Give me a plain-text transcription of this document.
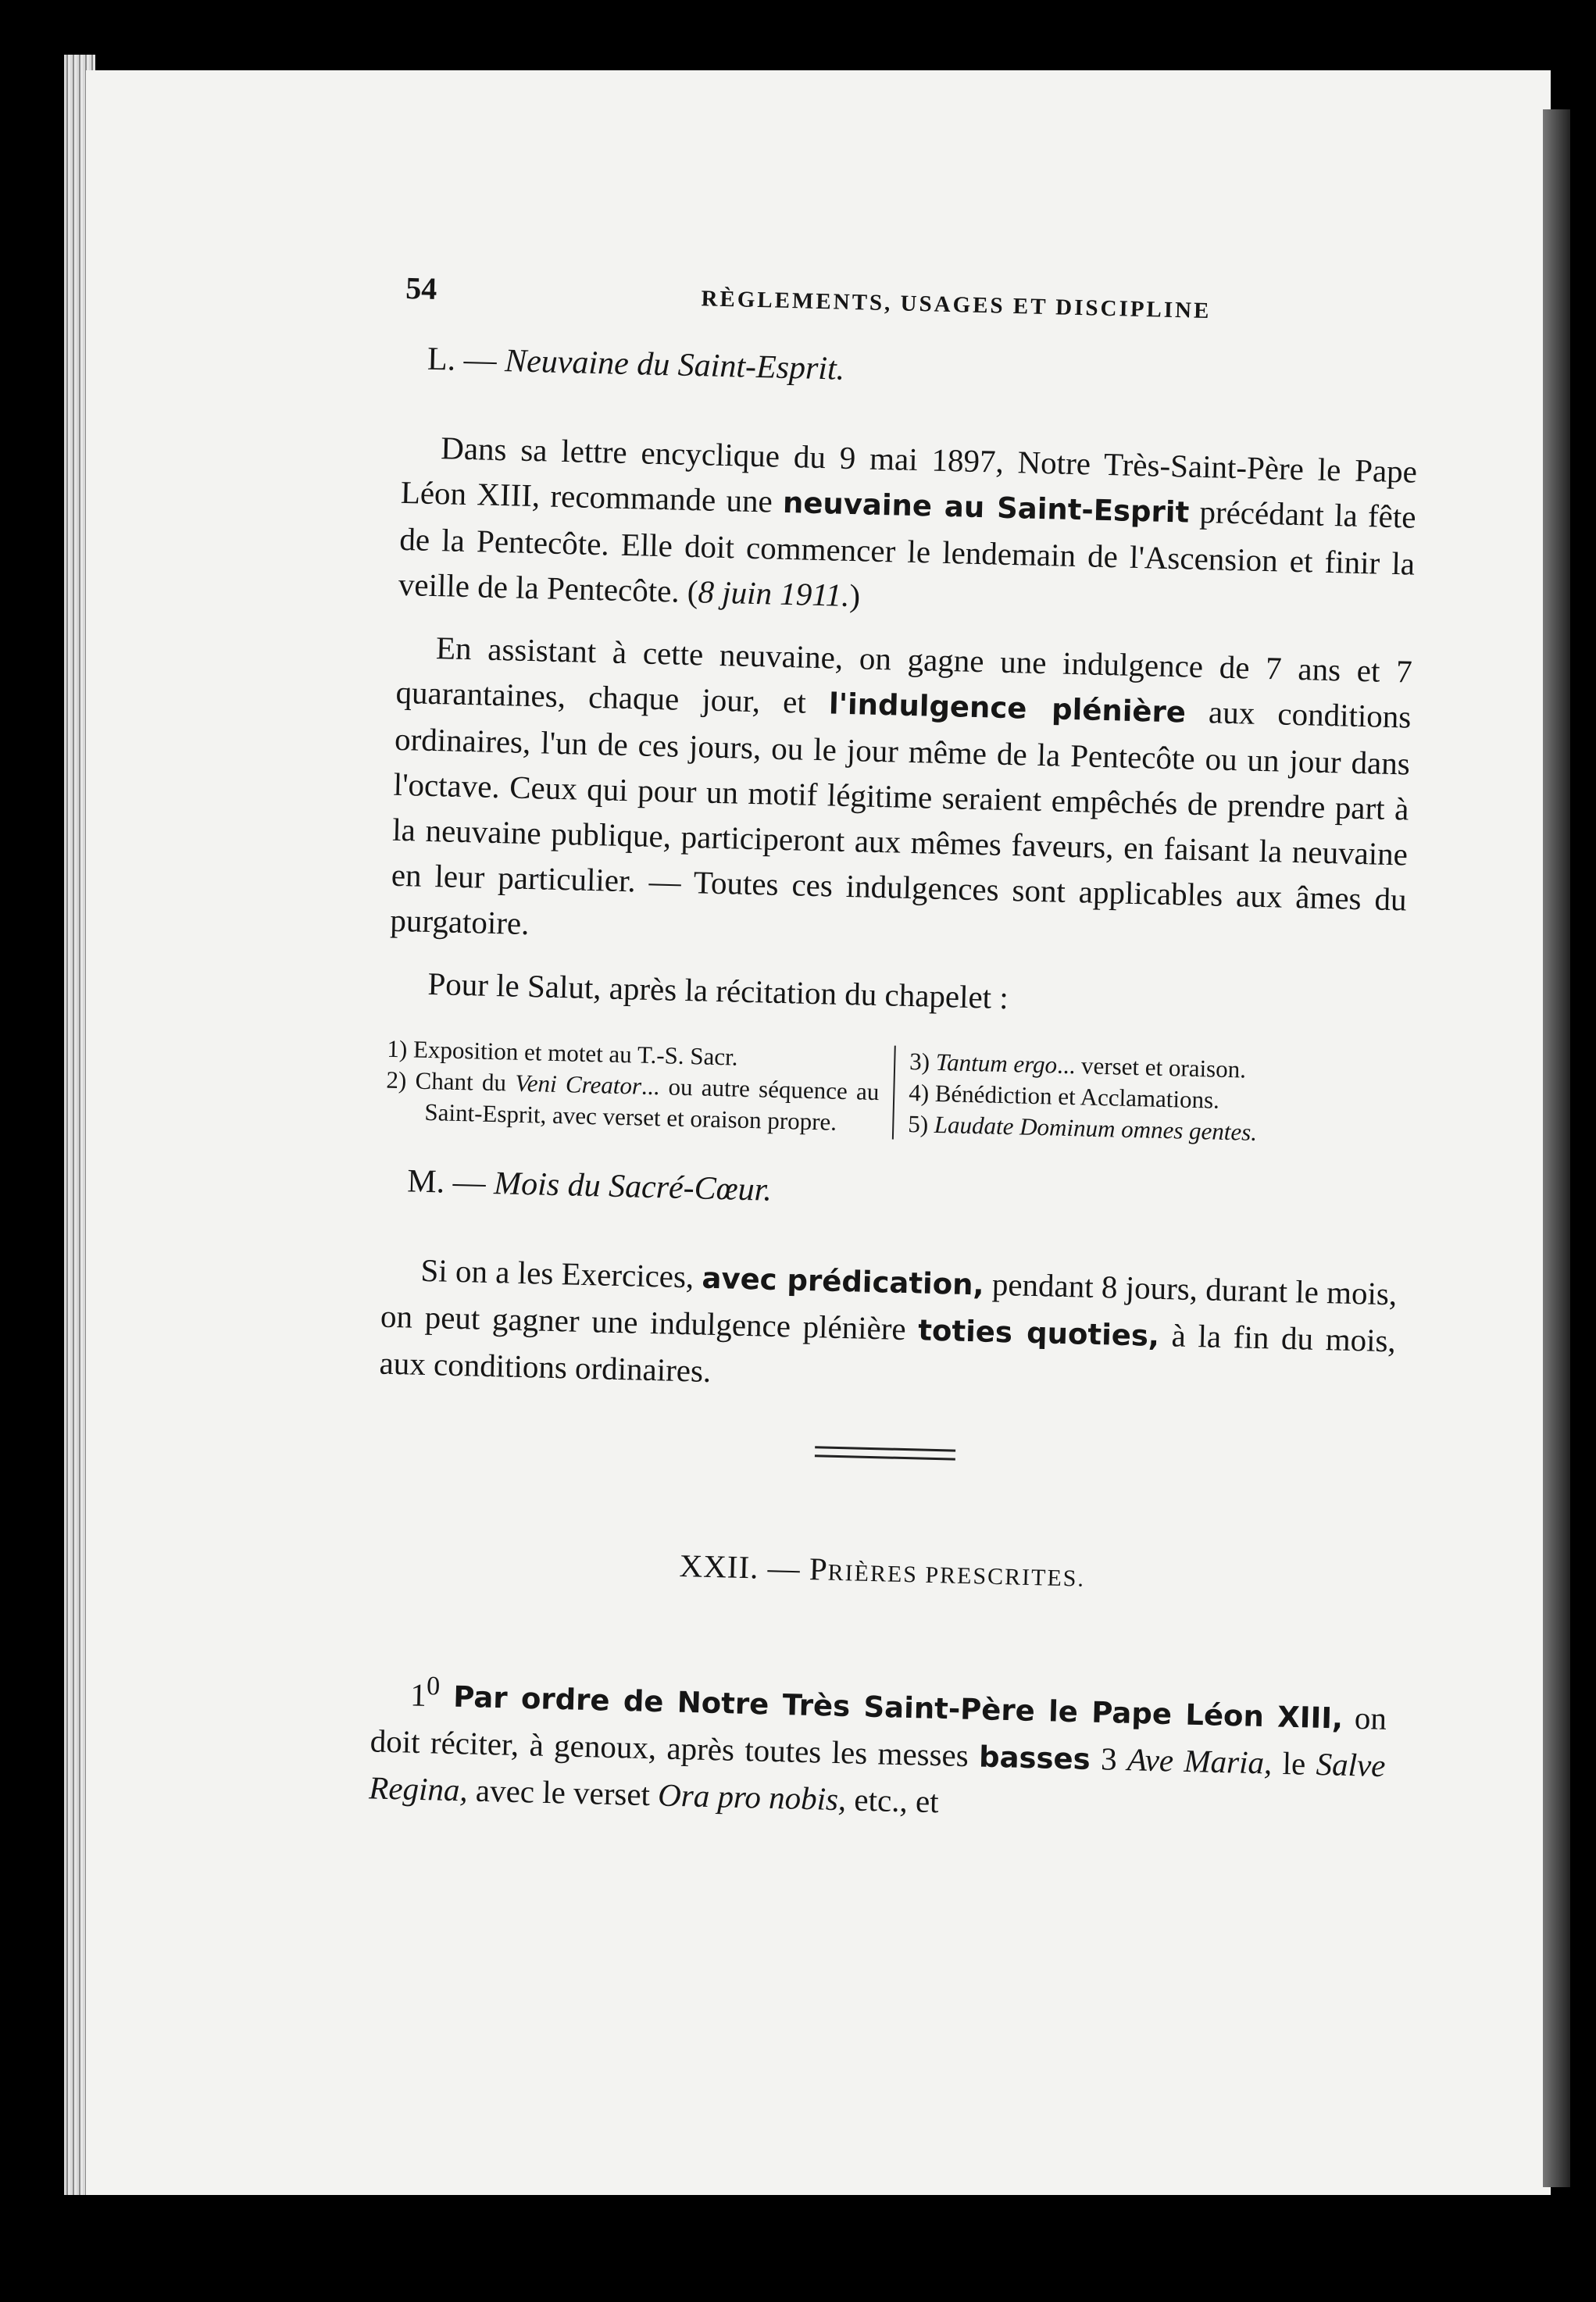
54	RÈGLEMENTS, USAGES ET DISCIPLINE
L. — Neuvaine du Saint-Esprit.

Dans sa lettre encyclique du 9 mai 1897, Notre Très-Saint-Père le Pape Léon XIII, recommande une neuvaine au Saint-Esprit précédant la fête de la Pentecôte. Elle doit commencer le lendemain de l'Ascension et finir la veille de la Pentecôte. (8 juin 1911.)

En assistant à cette neuvaine, on gagne une indulgence de 7 ans et 7 quarantaines, chaque jour, et l'indulgence plénière aux conditions ordinaires, l'un de ces jours, ou le jour même de la Pentecôte ou un jour dans l'octave. Ceux qui pour un motif légitime seraient empêchés de prendre part à la neuvaine publique, participeront aux mêmes faveurs, en faisant la neuvaine en leur particulier. — Toutes ces indulgences sont applicables aux âmes du purgatoire.

Pour le Salut, après la récitation du chapelet :

1) Exposition et motet au T.-S. Sacr.
2) Chant du Veni Creator... ou autre séquence au Saint-Esprit, avec verset et oraison propre.
3) Tantum ergo... verset et oraison.
4) Bénédiction et Acclamations.
5) Laudate Dominum omnes gentes.
M. — Mois du Sacré-Cœur.

Si on a les Exercices, avec prédication, pendant 8 jours, durant le mois, on peut gagner une indulgence plénière toties quoties, à la fin du mois, aux conditions ordinaires.

XXII. — PRIÈRES PRESCRITES.

$1^0$ Par ordre de Notre Très Saint-Père le Pape Léon XIII, on doit réciter, à genoux, après toutes les messes basses 3 Ave Maria, le Salve Regina, avec le verset Ora pro nobis, etc., et
